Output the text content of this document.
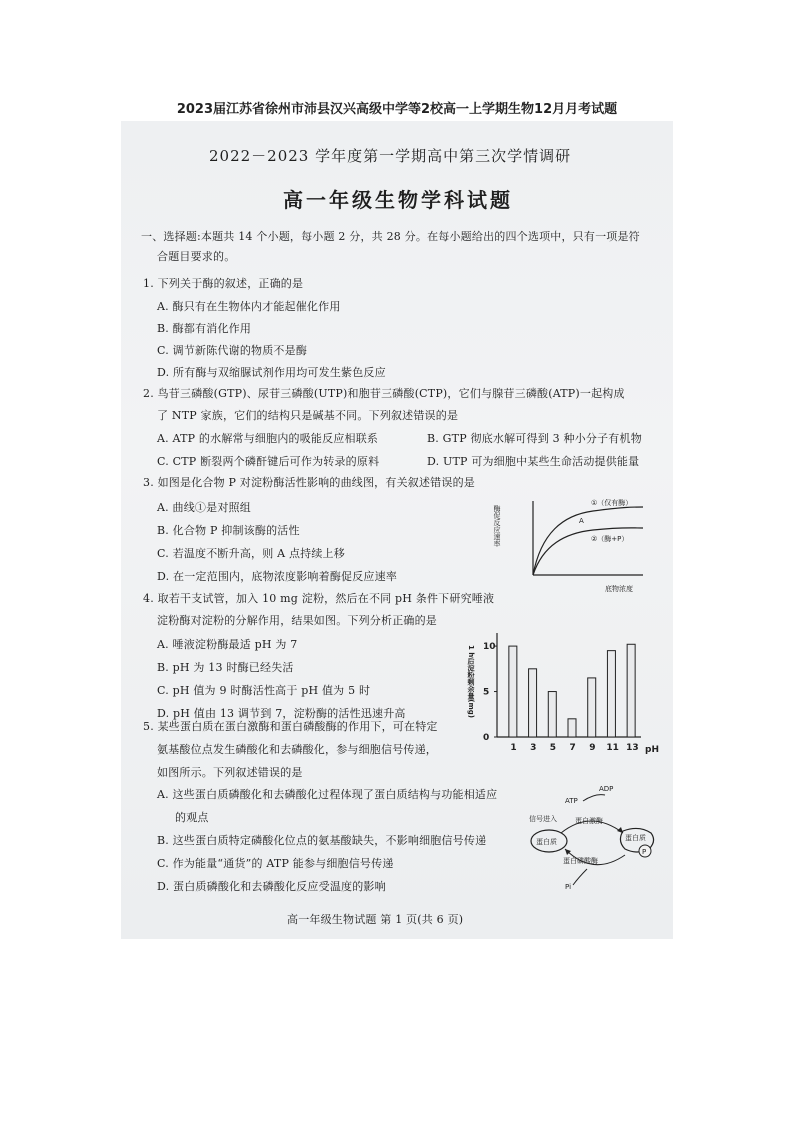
2023届江苏省徐州市沛县汉兴高级中学等2校高一上学期生物12月月考试题
2022－2023 学年度第一学期高中第三次学情调研
高一年级生物学科试题
一、选择题:本题共 14 个小题，每小题 2 分，共 28 分。在每小题给出的四个选项中，只有一项是符
合题目要求的。
1. 下列关于酶的叙述，正确的是
A. 酶只有在生物体内才能起催化作用
B. 酶都有消化作用
C. 调节新陈代谢的物质不是酶
D. 所有酶与双缩脲试剂作用均可发生紫色反应
2. 鸟苷三磷酸(GTP)、尿苷三磷酸(UTP)和胞苷三磷酸(CTP)，它们与腺苷三磷酸(ATP)一起构成
了 NTP 家族，它们的结构只是碱基不同。下列叙述错误的是
A. ATP 的水解常与细胞内的吸能反应相联系	B. GTP 彻底水解可得到 3 种小分子有机物
C. CTP 断裂两个磷酐键后可作为转录的原料	D. UTP 可为细胞中某些生命活动提供能量
3. 如图是化合物 P 对淀粉酶活性影响的曲线图，有关叙述错误的是
A. 曲线①是对照组
B. 化合物 P 抑制该酶的活性
C. 若温度不断升高，则 A 点持续上移
D. 在一定范围内，底物浓度影响着酶促反应速率
酶促反应速率
①（仅有酶）
A
②（酶+P）
底物浓度
4. 取若干支试管，加入 10 mg 淀粉，然后在不同 pH 条件下研究唾液
淀粉酶对淀粉的分解作用，结果如图。下列分析正确的是
A. 唾液淀粉酶最适 pH 为 7
B. pH 为 13 时酶已经失活
C. pH 值为 9 时酶活性高于 pH 值为 5 时
D. pH 值由 13 调节到 7，淀粉酶的活性迅速升高
0
5
10
1 3 5 7 9 11 13
1 h后淀粉剩余量(mg)
pH
5. 某些蛋白质在蛋白激酶和蛋白磷酸酶的作用下，可在特定
氨基酸位点发生磷酸化和去磷酸化，参与细胞信号传递，
如图所示。下列叙述错误的是
A. 这些蛋白质磷酸化和去磷酸化过程体现了蛋白质结构与功能相适应
的观点
B. 这些蛋白质特定磷酸化位点的氨基酸缺失，不影响细胞信号传递
C. 作为能量“通货”的 ATP 能参与细胞信号传递
D. 蛋白质磷酸化和去磷酸化反应受温度的影响
ATP
ADP
信号进入	蛋白激酶
蛋白质	蛋白质
P
蛋白磷酸酶
Pi
高一年级生物试题 第 1 页(共 6 页)
